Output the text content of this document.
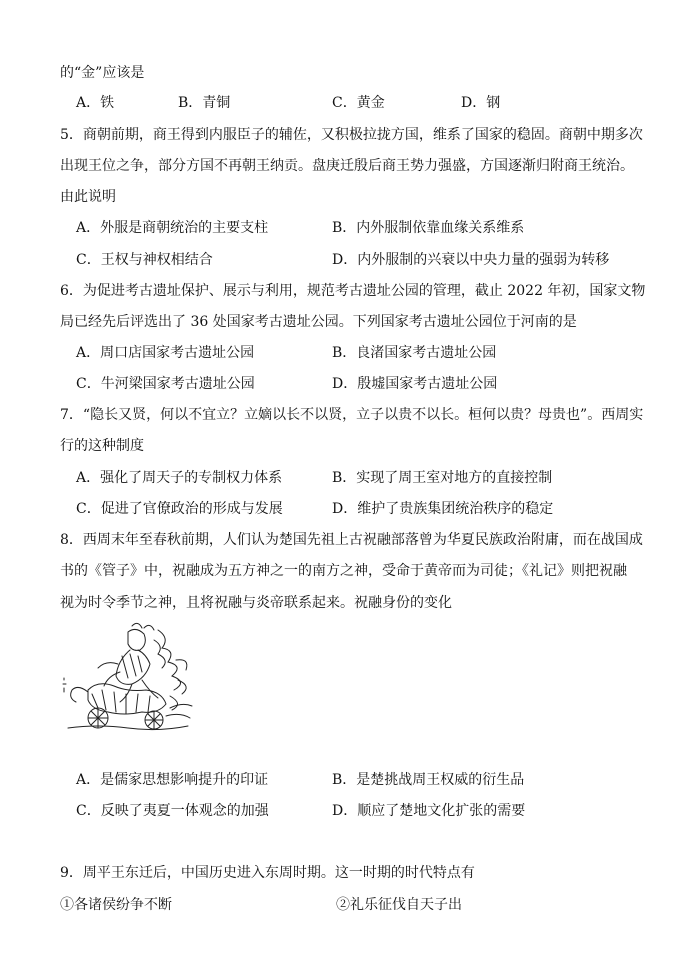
的“金”应该是
A．铁	B．青铜	C．黄金	D．钢
5．商朝前期，商王得到内服臣子的辅佐，又积极拉拢方国，维系了国家的稳固。商朝中期多次
出现王位之争，部分方国不再朝王纳贡。盘庚迁殷后商王势力强盛，方国逐渐归附商王统治。
由此说明
A．外服是商朝统治的主要支柱	B．内外服制依靠血缘关系维系
C．王权与神权相结合	D．内外服制的兴衰以中央力量的强弱为转移
6．为促进考古遗址保护、展示与利用，规范考古遗址公园的管理，截止 2022 年初，国家文物
局已经先后评选出了 36 处国家考古遗址公园。下列国家考古遗址公园位于河南的是
A．周口店国家考古遗址公园	B．良渚国家考古遗址公园
C．牛河梁国家考古遗址公园	D．殷墟国家考古遗址公园
7．“隐长又贤，何以不宜立？立嫡以长不以贤，立子以贵不以长。桓何以贵？母贵也”。西周实
行的这种制度
A．强化了周天子的专制权力体系	B．实现了周王室对地方的直接控制
C．促进了官僚政治的形成与发展	D．维护了贵族集团统治秩序的稳定
8．西周末年至春秋前期，人们认为楚国先祖上古祝融部落曾为华夏民族政治附庸，而在战国成
书的《管子》中，祝融成为五方神之一的南方之神，受命于黄帝而为司徒；《礼记》则把祝融
视为时令季节之神，且将祝融与炎帝联系起来。祝融身份的变化
A．是儒家思想影响提升的印证	B．是楚挑战周王权威的衍生品
C．反映了夷夏一体观念的加强	D．顺应了楚地文化扩张的需要
9．周平王东迁后，中国历史进入东周时期。这一时期的时代特点有
①各诸侯纷争不断	②礼乐征伐自天子出
